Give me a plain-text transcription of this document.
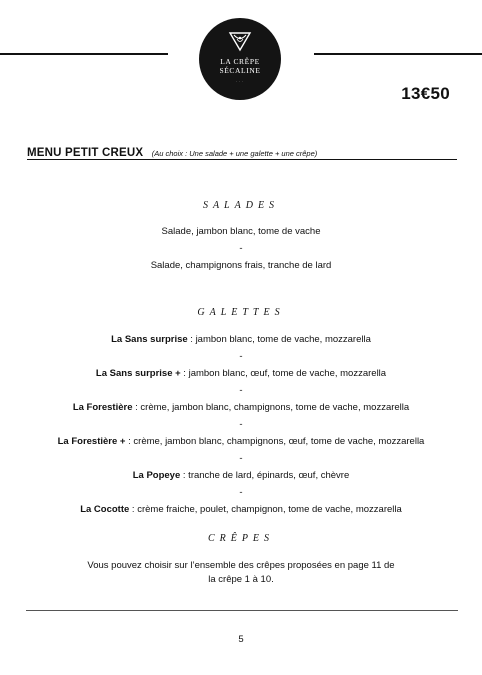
LA CRÊPE
SÉCALINE
· · ·
13€50
MENU PETIT CREUX (Au choix : Une salade + une galette + une crêpe)
SALADES
Salade, jambon blanc, tome de vache
-
Salade, champignons frais, tranche de lard
GALETTES
La Sans surprise : jambon blanc, tome de vache, mozzarella
-
La Sans surprise + : jambon blanc, œuf, tome de vache, mozzarella
-
La Forestière : crème, jambon blanc, champignons, tome de vache, mozzarella
-
La Forestière + : crème, jambon blanc, champignons, œuf, tome de vache, mozzarella
-
La Popeye : tranche de lard, épinards, œuf, chèvre
-
La Cocotte : crème fraiche, poulet, champignon, tome de vache, mozzarella
CRÊPES
Vous pouvez choisir sur l’ensemble des crêpes proposées en page 11 de
la crêpe 1 à 10.
5
